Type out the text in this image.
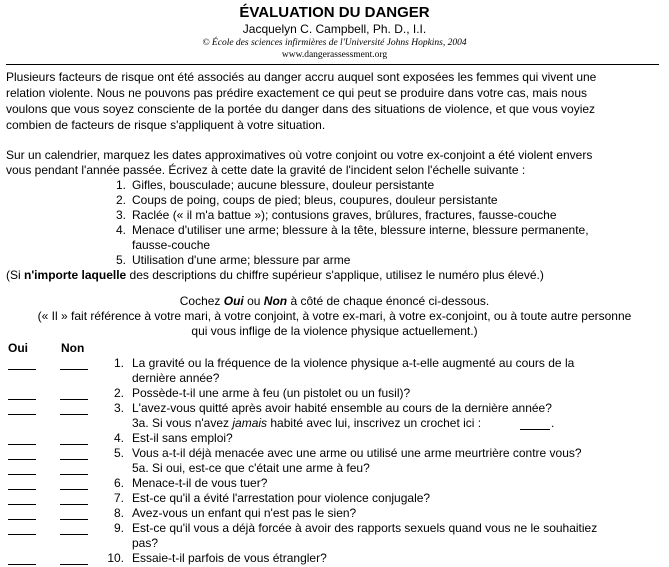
ÉVALUATION DU DANGER
Jacquelyn C. Campbell, Ph. D., I.I.
© École des sciences infirmières de l'Université Johns Hopkins, 2004
www.dangerassessment.org
Plusieurs facteurs de risque ont été associés au danger accru auquel sont exposées les femmes qui vivent une
relation violente. Nous ne pouvons pas prédire exactement ce qui peut se produire dans votre cas, mais nous
voulons que vous soyez consciente de la portée du danger dans des situations de violence, et que vous voyiez
combien de facteurs de risque s'appliquent à votre situation.
Sur un calendrier, marquez les dates approximatives où votre conjoint ou votre ex-conjoint a été violent envers
vous pendant l'année passée. Écrivez à cette date la gravité de l'incident selon l'échelle suivante :
1. Gifles, bousculade; aucune blessure, douleur persistante
2. Coups de poing, coups de pied; bleus, coupures, douleur persistante
3. Raclée (« il m'a battue »); contusions graves, brûlures, fractures, fausse-couche
4. Menace d'utiliser une arme; blessure à la tête, blessure interne, blessure permanente,
fausse-couche
5. Utilisation d'une arme; blessure par arme
(Si n'importe laquelle des descriptions du chiffre supérieur s'applique, utilisez le numéro plus élevé.)
Cochez Oui ou Non à côté de chaque énoncé ci-dessous.
(« Il » fait référence à votre mari, à votre conjoint, à votre ex-mari, à votre ex-conjoint, ou à toute autre personne
qui vous inflige de la violence physique actuellement.)
Oui	Non
1. La gravité ou la fréquence de la violence physique a-t-elle augmenté au cours de la
dernière année?
2. Possède-t-il une arme à feu (un pistolet ou un fusil)?
3. L'avez-vous quitté après avoir habité ensemble au cours de la dernière année?
3a. Si vous n'avez jamais habité avec lui, inscrivez un crochet ici :	.
4. Est-il sans emploi?
5. Vous a-t-il déjà menacée avec une arme ou utilisé une arme meurtrière contre vous?
5a. Si oui, est-ce que c'était une arme à feu?
6. Menace-t-il de vous tuer?
7. Est-ce qu'il a évité l'arrestation pour violence conjugale?
8. Avez-vous un enfant qui n'est pas le sien?
9. Est-ce qu'il vous a déjà forcée à avoir des rapports sexuels quand vous ne le souhaitiez
pas?
10. Essaie-t-il parfois de vous étrangler?
